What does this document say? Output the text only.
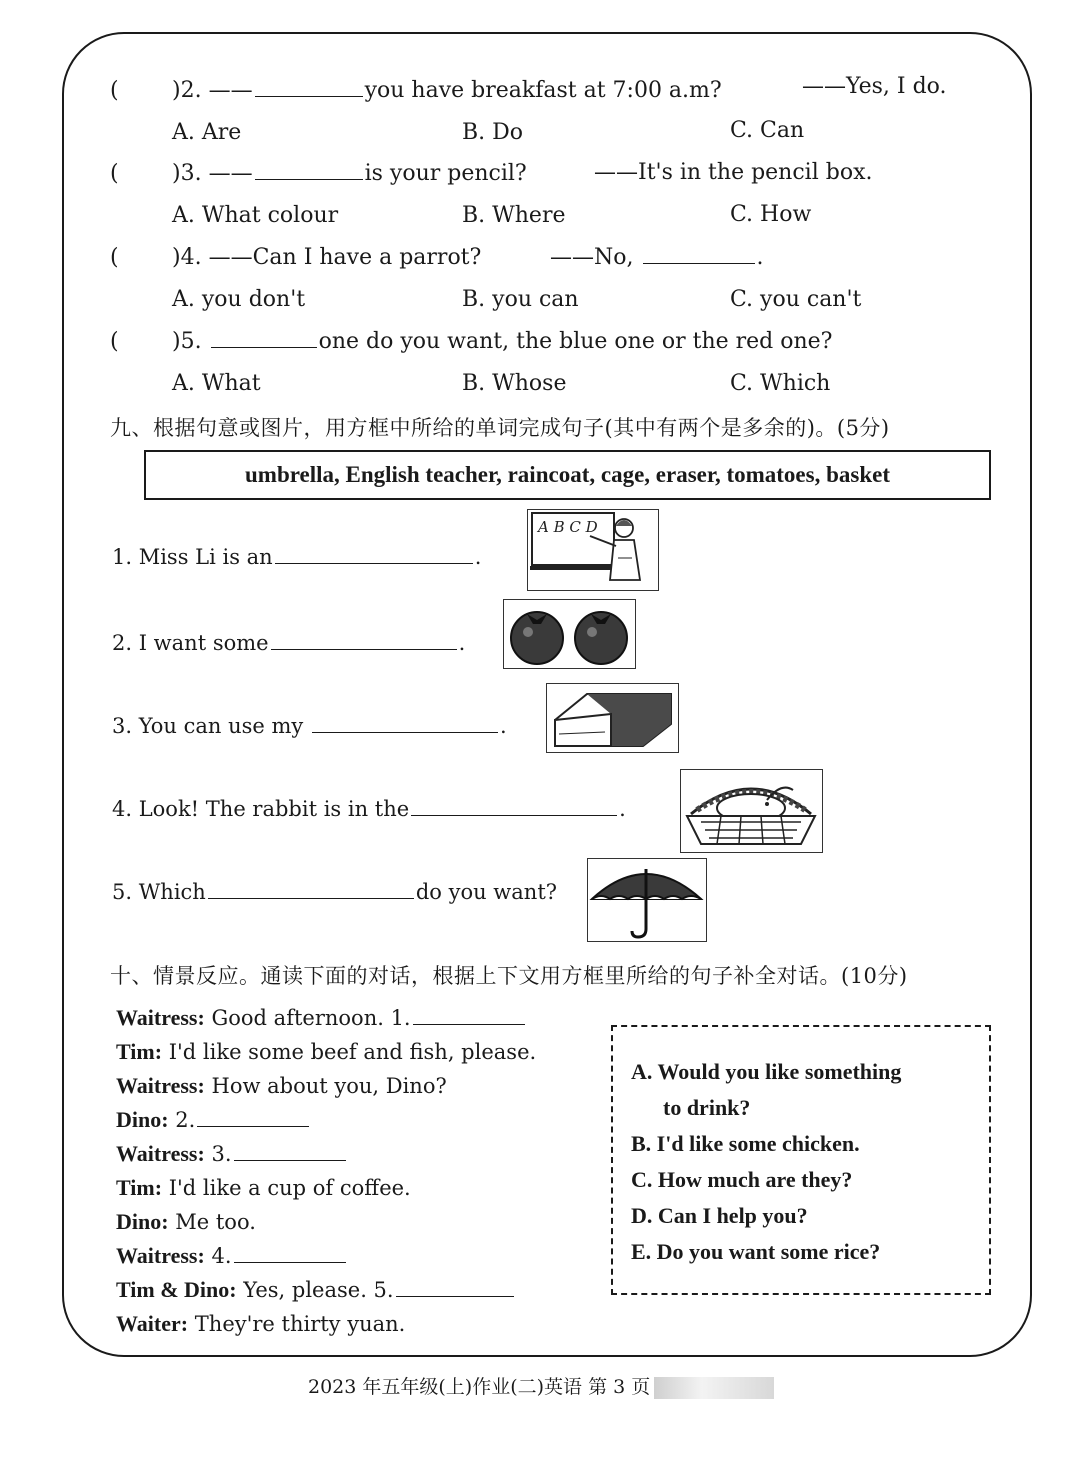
( )2. ——	you have breakfast at 7:00 a.m?	——Yes, I do.
A. Are	B. Do	C. Can
( )3. ——	is your pencil?	——It's in the pencil box.
A. What colour	B. Where	C. How
( )4. ——Can I have a parrot?	——No,	.
A. you don't	B. you can	C. you can't
( )5.	one do you want, the blue one or the red one?
A. What	B. Whose	C. Which
九、根据句意或图片，用方框中所给的单词完成句子(其中有两个是多余的)。(5分)
umbrella, English teacher, raincoat, cage, eraser, tomatoes, basket
1. Miss Li is an	.
2. I want some	.
3. You can use my	.
4. Look! The rabbit is in the	.
5. Which	do you want?
A B C D
十、情景反应。通读下面的对话，根据上下文用方框里所给的句子补全对话。(10分)
Waitress: Good afternoon. 1.
Tim: I'd like some beef and fish, please.
Waitress: How about you, Dino?
Dino: 2.
Waitress: 3.
Tim: I'd like a cup of coffee.
Dino: Me too.
Waitress: 4.
Tim & Dino: Yes, please. 5.
Waiter: They're thirty yuan.
A. Would you like something
to drink?
B. I'd like some chicken.
C. How much are they?
D. Can I help you?
E. Do you want some rice?
2023 年五年级(上)作业(二)英语 第 3 页
